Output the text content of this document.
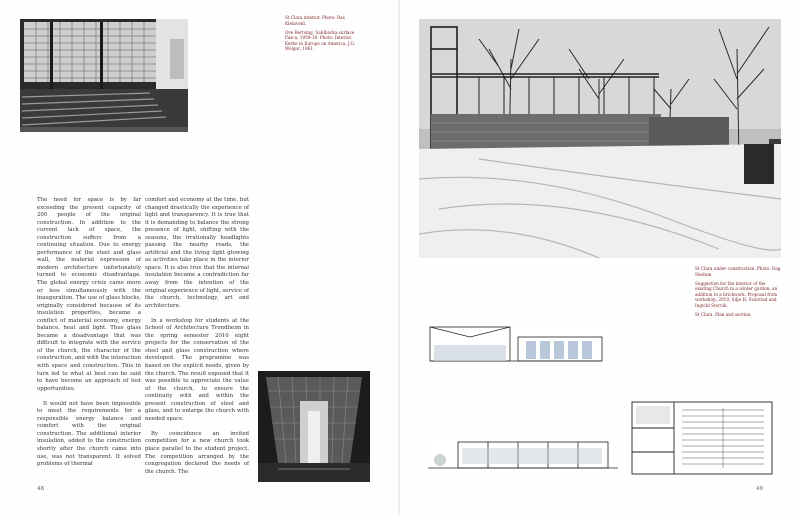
The need for space is by far exceeding the present capacity of 200 people of the original construction. In addition to the current lack of space, the construction suffers from a continuing situation. Due to energy performance of the steel and glass wall, the material expression of modern architecture unfortunately turned to economic disadvantage. The global energy crisis came more or less simultaneously with the inauguration. The use of glass blocks, originally considered because of its insulation properties, became a conflict of material economy, energy balance, heat and light. Thus glass became a disadvantage that was difficult to integrate with the service of the church, the character of the construction, and with the interaction with space and construction. This in turn led to what at best can be said to have become an approach of lost opportunities.

It would not have been impossible to meet the requirements for a responsible energy balance and comfort with the original construction. The additional interior insulation, added to the construction shortly after the church came into use, was not transparent. It solved problems of thermal

comfort and economy at the time, but changed drastically the experience of light and transparency. It is true that it is demanding to balance the strong presence of light, shifting with the seasons, the irrationally headlights passing the nearby roads, the artificial and the living light glowing as activities take place in the interior space. It is also true that the internal insulation became a contradiction far away from the intention of the original experience of light, service of the church, technology, art and architecture.

In a workshop for students at the School of Architecture Trondheim in the spring semester 2010 eight projects for the conservation of the steel and glass construction where developed. The programme was based on the explicit needs, given by the church. The result exposed that it was possible to appreciate the value of the church, to ensure the continuity with and within the present construction of steel and glass, and to enlarge the church with needed space.

By coincidence an invited competition for a new church took place parallel to the student project. The competition arranged by the congregation declared the needs of the church. The

48

St Clara interior. Photo: Bas Kleinveld.

Ove Bertsing, Sahlbacka surface Pasca, 1959-19. Photo: Interior. Kerbe in Europe on America, J.G. Wolgor, 1961.

St Clara under construction. Photo: Dag Stedum.

Suggestion for the interior of the existing Church in a winter garden, an addition to a brickwork. Proposal from workshop, 2010, Silje H. Svarstad and Ingvild Storvik.

St Clara. Plan and section.

49
